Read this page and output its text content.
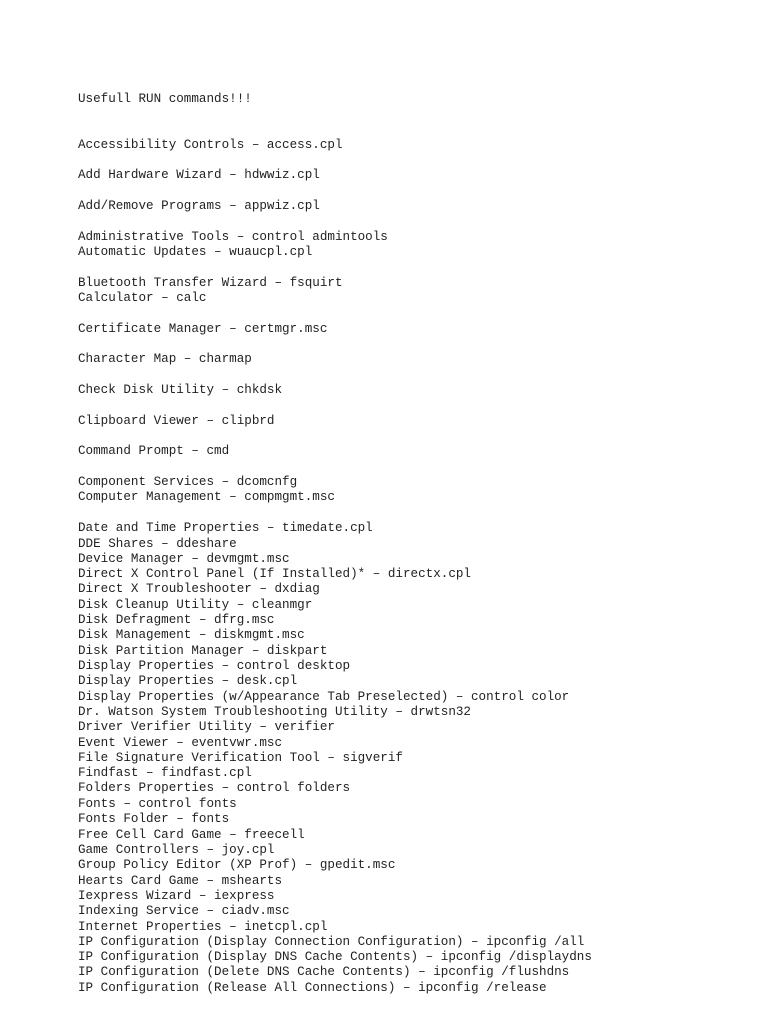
Usefull RUN commands!!!
Accessibility Controls – access.cpl
Add Hardware Wizard – hdwwiz.cpl
Add/Remove Programs – appwiz.cpl
Administrative Tools – control admintools
Automatic Updates – wuaucpl.cpl
Bluetooth Transfer Wizard – fsquirt
Calculator – calc
Certificate Manager – certmgr.msc
Character Map – charmap
Check Disk Utility – chkdsk
Clipboard Viewer – clipbrd
Command Prompt – cmd
Component Services – dcomcnfg
Computer Management – compmgmt.msc
Date and Time Properties – timedate.cpl
DDE Shares – ddeshare
Device Manager – devmgmt.msc
Direct X Control Panel (If Installed)* – directx.cpl
Direct X Troubleshooter – dxdiag
Disk Cleanup Utility – cleanmgr
Disk Defragment – dfrg.msc
Disk Management – diskmgmt.msc
Disk Partition Manager – diskpart
Display Properties – control desktop
Display Properties – desk.cpl
Display Properties (w/Appearance Tab Preselected) – control color
Dr. Watson System Troubleshooting Utility – drwtsn32
Driver Verifier Utility – verifier
Event Viewer – eventvwr.msc
File Signature Verification Tool – sigverif
Findfast – findfast.cpl
Folders Properties – control folders
Fonts – control fonts
Fonts Folder – fonts
Free Cell Card Game – freecell
Game Controllers – joy.cpl
Group Policy Editor (XP Prof) – gpedit.msc
Hearts Card Game – mshearts
Iexpress Wizard – iexpress
Indexing Service – ciadv.msc
Internet Properties – inetcpl.cpl
IP Configuration (Display Connection Configuration) – ipconfig /all
IP Configuration (Display DNS Cache Contents) – ipconfig /displaydns
IP Configuration (Delete DNS Cache Contents) – ipconfig /flushdns
IP Configuration (Release All Connections) – ipconfig /release
